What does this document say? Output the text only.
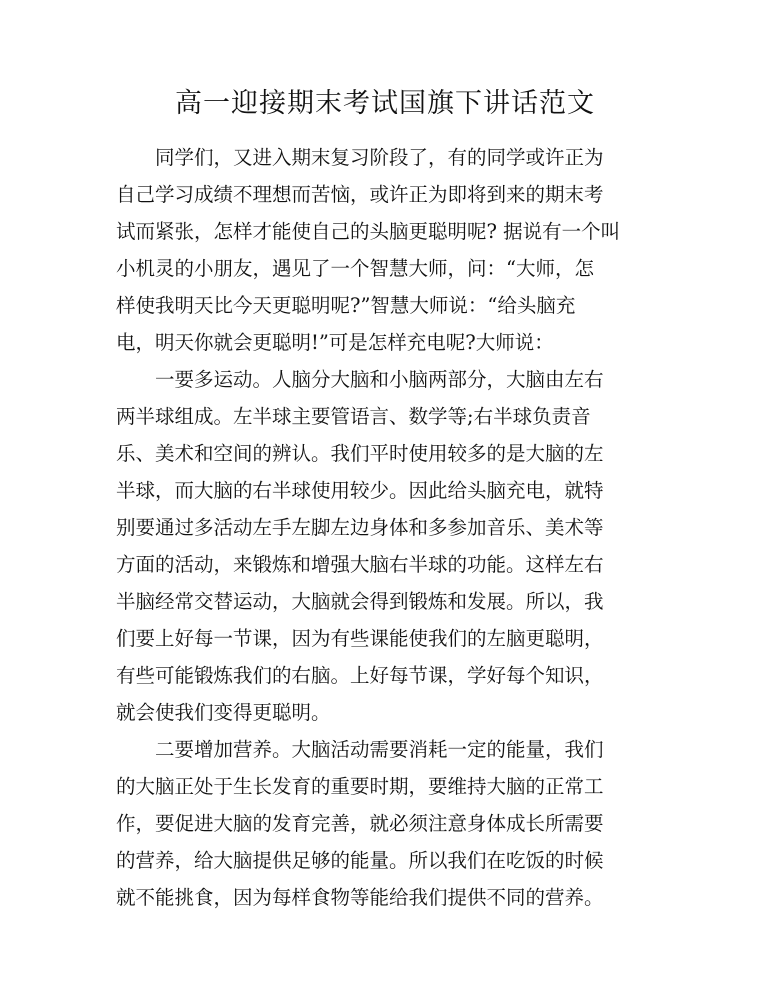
高一迎接期末考试国旗下讲话范文
　　同学们，又进入期末复习阶段了，有的同学或许正为
自己学习成绩不理想而苦恼，或许正为即将到来的期末考
试而紧张，怎样才能使自己的头脑更聪明呢? 据说有一个叫
小机灵的小朋友，遇见了一个智慧大师，问：“大师，怎
样使我明天比今天更聪明呢?”智慧大师说：“给头脑充
电，明天你就会更聪明!”可是怎样充电呢?大师说：
　　一要多运动。人脑分大脑和小脑两部分，大脑由左右
两半球组成。左半球主要管语言、数学等;右半球负责音
乐、美术和空间的辨认。我们平时使用较多的是大脑的左
半球，而大脑的右半球使用较少。因此给头脑充电，就特
别要通过多活动左手左脚左边身体和多参加音乐、美术等
方面的活动，来锻炼和增强大脑右半球的功能。这样左右
半脑经常交替运动，大脑就会得到锻炼和发展。所以，我
们要上好每一节课，因为有些课能使我们的左脑更聪明，
有些可能锻炼我们的右脑。上好每节课，学好每个知识，
就会使我们变得更聪明。
　　二要增加营养。大脑活动需要消耗一定的能量，我们
的大脑正处于生长发育的重要时期，要维持大脑的正常工
作，要促进大脑的发育完善，就必须注意身体成长所需要
的营养，给大脑提供足够的能量。所以我们在吃饭的时候
就不能挑食，因为每样食物等能给我们提供不同的营养。
